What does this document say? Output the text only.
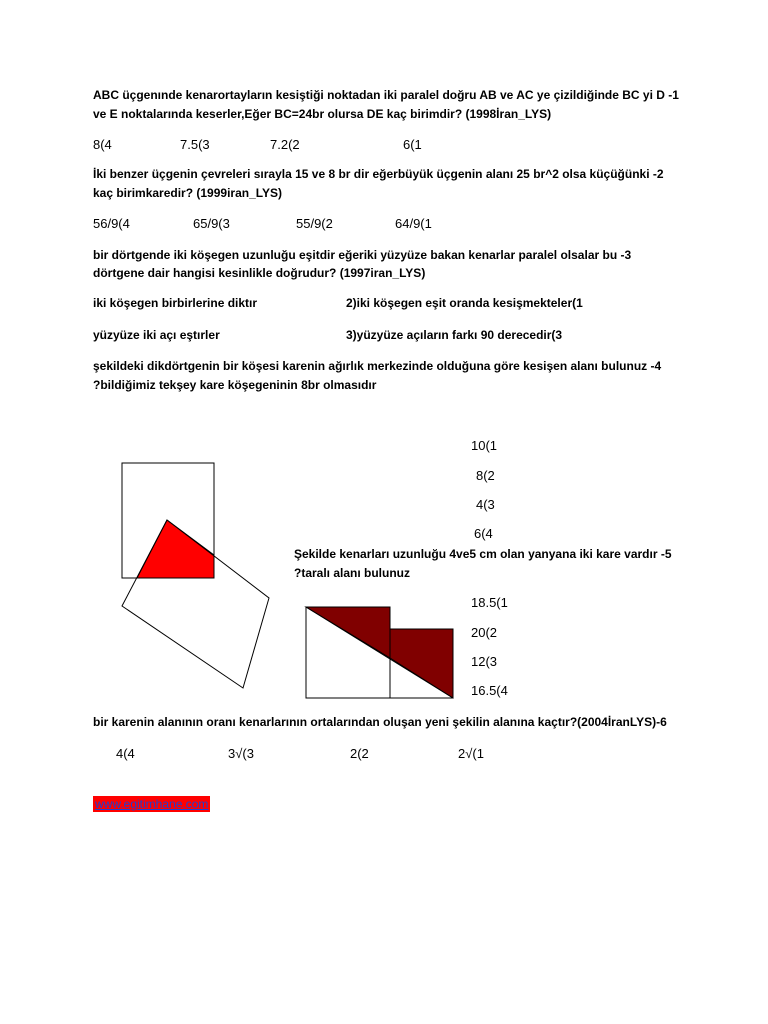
ABC üçgenınde kenarortayların kesiştiği noktadan iki paralel doğru AB ve AC ye çizildiğinde BC yi D -1
ve E noktalarında keserler,Eğer BC=24br olursa DE kaç birimdir? (1998İran_LYS)
8(4	7.5(3	7.2(2	6(1
İki benzer üçgenin çevreleri sırayla 15 ve 8 br dir eğerbüyük üçgenin alanı 25 br^2 olsa küçüğünki -2
kaç birimkaredir? (1999iran_LYS)
56/9(4	65/9(3	55/9(2	64/9(1
bir dörtgende iki köşegen uzunluğu eşitdir eğeriki yüzyüze bakan kenarlar paralel olsalar bu -3
dörtgene dair hangisi kesinlikle doğrudur? (1997iran_LYS)
iki köşegen birbirlerine diktır	2)iki köşegen eşit oranda kesişmekteler(1
yüzyüze iki açı eştırler	3)yüzyüze açıların farkı 90 derecedir(3
şekildeki dikdörtgenin bir köşesi karenin ağırlık merkezinde olduğuna göre kesişen alanı bulunuz -4
?bildiğimiz tekşey kare köşegeninin 8br olmasıdır
10(1
8(2
4(3
6(4
Şekilde kenarları uzunluğu 4ve5 cm olan yanyana iki kare vardır -5
?taralı alanı bulunuz
18.5(1
20(2
12(3
16.5(4
bir karenin alanının oranı kenarlarının ortalarından oluşan yeni şekilin alanına kaçtır?(2004İranLYS)-6
4(4	3√(3	2(2	2√(1
www.egitimhane.com
